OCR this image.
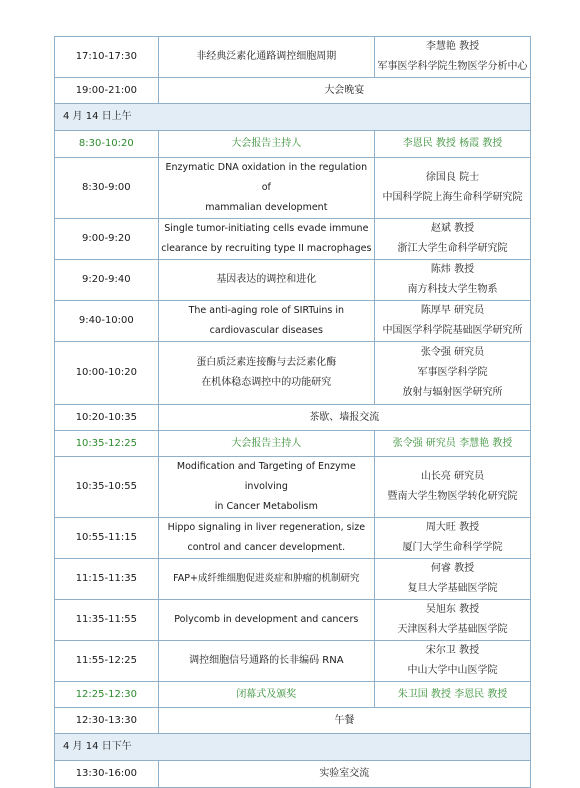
17:10-17:30	非经典泛素化通路调控细胞周期	李慧艳 教授
军事医学科学院生物医学分析中心

19:00-21:00	大会晚宴	

4 月 14 日上午		
8:30-10:20	大会报告主持人	李恩民 教授 杨霞 教授

8:30-9:00	Enzymatic DNA oxidation in the regulation of
mammalian development	徐国良 院士
中国科学院上海生命科学研究院

9:00-9:20	Single tumor-initiating cells evade immune
clearance by recruiting type II macrophages	赵斌 教授
浙江大学生命科学研究院

9:20-9:40	基因表达的调控和进化	陈炜 教授
南方科技大学生物系

9:40-10:00	The anti-aging role of SIRTuins in
cardiovascular diseases	陈厚早 研究员
中国医学科学院基础医学研究所

10:00-10:20	蛋白质泛素连接酶与去泛素化酶
在机体稳态调控中的功能研究	张令强 研究员
军事医学科学院
放射与辐射医学研究所

10:20-10:35	茶歇、墙报交流	

10:35-12:25	大会报告主持人	张令强 研究员 李慧艳 教授

10:35-10:55	Modification and Targeting of Enzyme involving
in Cancer Metabolism	山长亮 研究员
暨南大学生物医学转化研究院

10:55-11:15	Hippo signaling in liver regeneration, size
control and cancer development.	周大旺 教授
厦门大学生命科学学院

11:15-11:35	FAP+成纤维细胞促进炎症和肿瘤的机制研究	何睿 教授
复旦大学基础医学院

11:35-11:55	Polycomb in development and cancers	吴旭东 教授
天津医科大学基础医学院

11:55-12:25	调控细胞信号通路的长非编码 RNA	宋尔卫 教授
中山大学中山医学院

12:25-12:30	闭幕式及颁奖	朱卫国 教授 李恩民 教授

12:30-13:30	午餐	

4 月 14 日下午		
13:30-16:00	实验室交流	
